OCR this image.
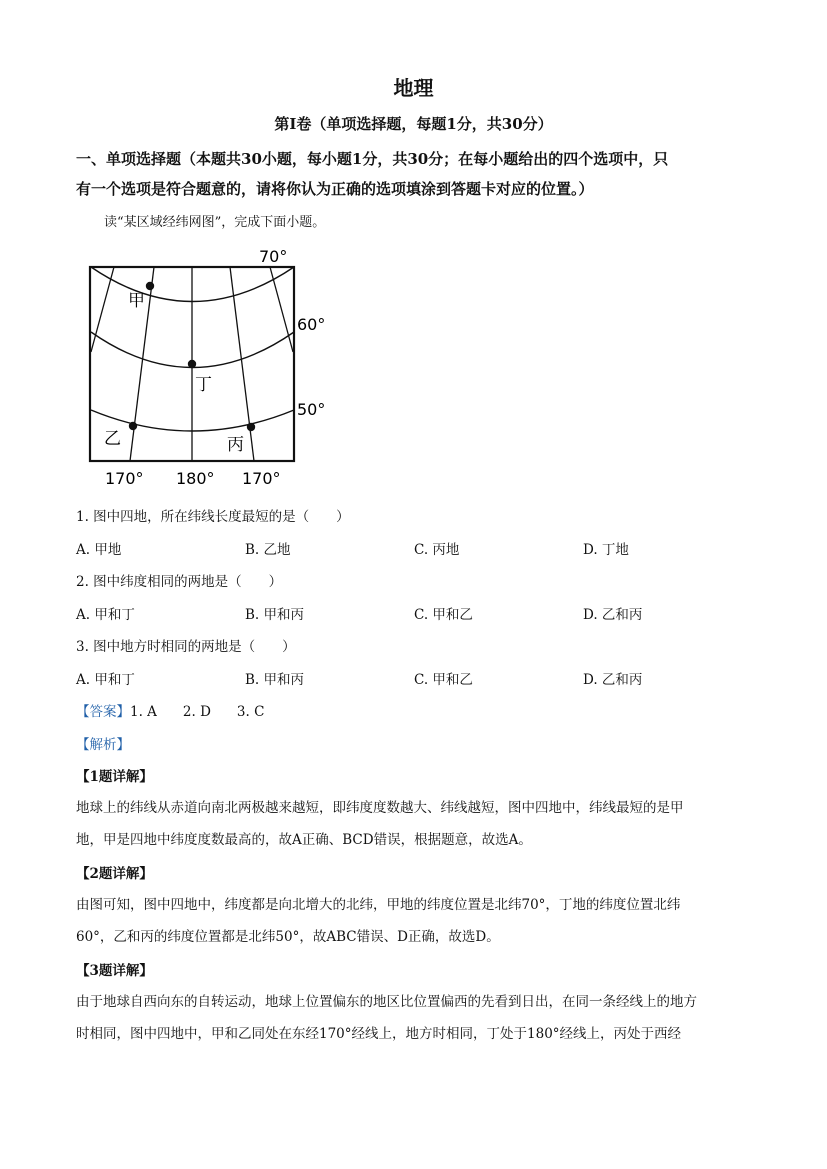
地理
第Ⅰ卷（单项选择题，每题1分，共30分）
一、单项选择题（本题共30小题，每小题1分，共30分；在每小题给出的四个选项中，只
有一个选项是符合题意的，请将你认为正确的选项填涂到答题卡对应的位置。）
读“某区域经纬网图”，完成下面小题。
甲
丁
乙	丙
70°
60°
50°
170° 180° 170°
1. 图中四地，所在纬线长度最短的是（　　）
A. 甲地	B. 乙地	C. 丙地	D. 丁地
2. 图中纬度相同的两地是（　　）
A. 甲和丁	B. 甲和丙	C. 甲和乙	D. 乙和丙
3. 图中地方时相同的两地是（　　）
A. 甲和丁	B. 甲和丙	C. 甲和乙	D. 乙和丙
【答案】1. A 2. D 3. C
【解析】
【1题详解】
地球上的纬线从赤道向南北两极越来越短，即纬度度数越大、纬线越短，图中四地中，纬线最短的是甲
地，甲是四地中纬度度数最高的，故A正确、BCD错误，根据题意，故选A。
【2题详解】
由图可知，图中四地中，纬度都是向北增大的北纬，甲地的纬度位置是北纬70°，丁地的纬度位置北纬
60°，乙和丙的纬度位置都是北纬50°，故ABC错误、D正确，故选D。
【3题详解】
由于地球自西向东的自转运动，地球上位置偏东的地区比位置偏西的先看到日出，在同一条经线上的地方
时相同，图中四地中，甲和乙同处在东经170°经线上，地方时相同，丁处于180°经线上，丙处于西经
